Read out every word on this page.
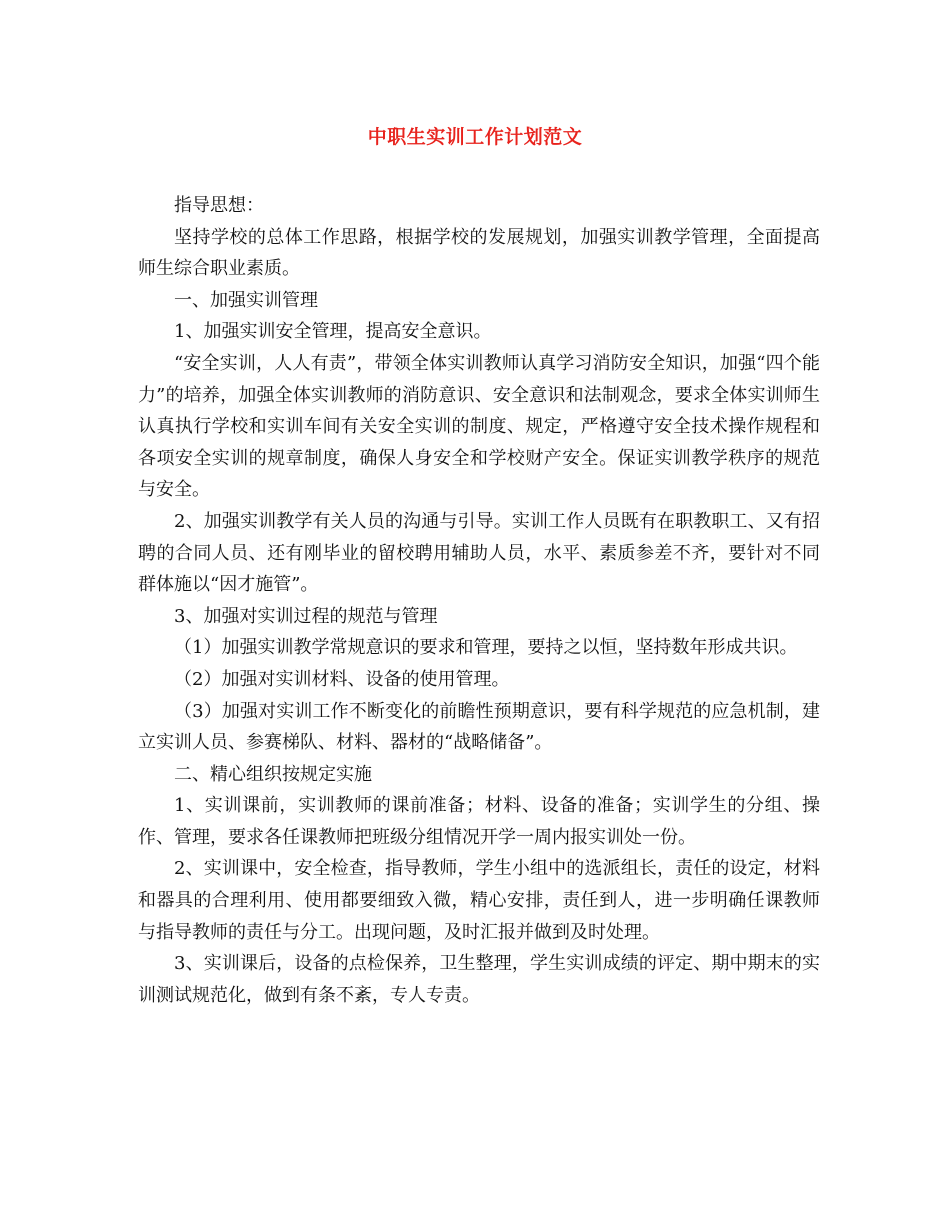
中职生实训工作计划范文

指导思想：

坚持学校的总体工作思路，根据学校的发展规划，加强实训教学管理，全面提高师生综合职业素质。

一、加强实训管理

1、加强实训安全管理，提高安全意识。

“安全实训，人人有责”，带领全体实训教师认真学习消防安全知识，加强“四个能力”的培养，加强全体实训教师的消防意识、安全意识和法制观念，要求全体实训师生认真执行学校和实训车间有关安全实训的制度、规定，严格遵守安全技术操作规程和各项安全实训的规章制度，确保人身安全和学校财产安全。保证实训教学秩序的规范与安全。

2、加强实训教学有关人员的沟通与引导。实训工作人员既有在职教职工、又有招聘的合同人员、还有刚毕业的留校聘用辅助人员，水平、素质参差不齐，要针对不同群体施以“因才施管”。

3、加强对实训过程的规范与管理

（1）加强实训教学常规意识的要求和管理，要持之以恒，坚持数年形成共识。

（2）加强对实训材料、设备的使用管理。

（3）加强对实训工作不断变化的前瞻性预期意识，要有科学规范的应急机制，建立实训人员、参赛梯队、材料、器材的“战略储备”。

二、精心组织按规定实施

1、实训课前，实训教师的课前准备；材料、设备的准备；实训学生的分组、操作、管理，要求各任课教师把班级分组情况开学一周内报实训处一份。

2、实训课中，安全检查，指导教师，学生小组中的选派组长，责任的设定，材料和器具的合理利用、使用都要细致入微，精心安排，责任到人，进一步明确任课教师与指导教师的责任与分工。出现问题，及时汇报并做到及时处理。

3、实训课后，设备的点检保养，卫生整理，学生实训成绩的评定、期中期末的实训测试规范化，做到有条不紊，专人专责。
